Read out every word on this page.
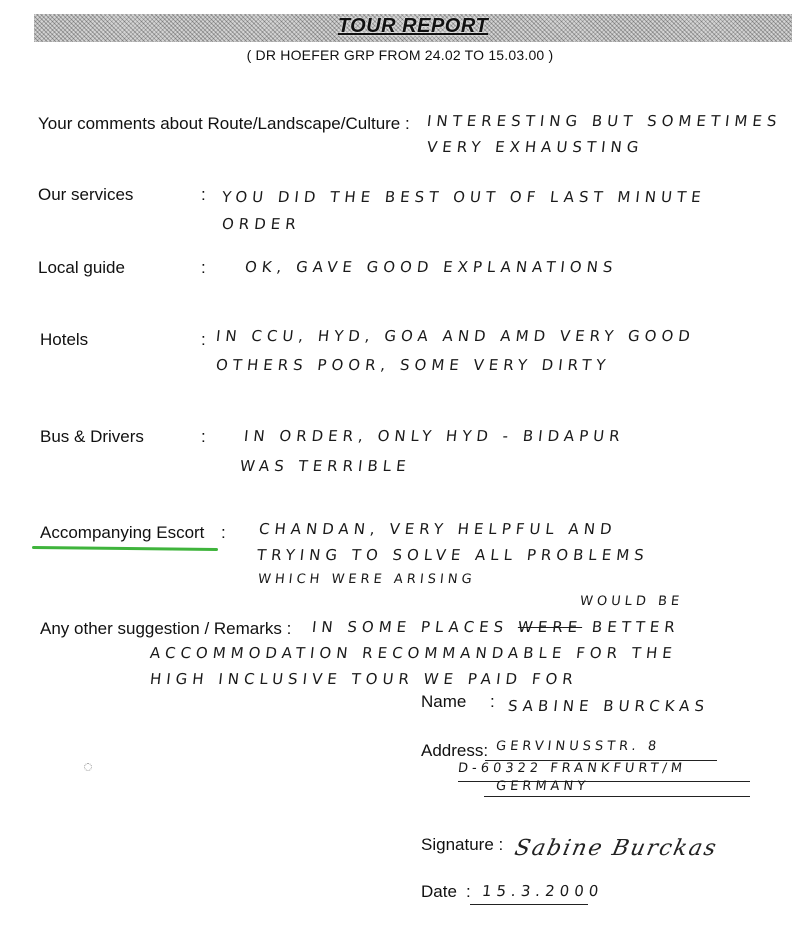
TOUR REPORT
( DR HOEFER GRP FROM 24.02 TO 15.03.00 )
Your comments about Route/Landscape/Culture : INTERESTING BUT SOMETIMES
VERY EXHAUSTING
Our services	: YOU DID THE BEST OUT OF LAST MINUTE
ORDER
Local guide	:	OK, GAVE GOOD EXPLANATIONS
Hotels	: IN CCU, HYD, GOA AND AMD VERY GOOD
OTHERS POOR, SOME VERY DIRTY
Bus & Drivers	: IN ORDER, ONLY HYD - BIDAPUR
WAS TERRIBLE
Accompanying Escort : CHANDAN, VERY HELPFUL AND
TRYING TO SOLVE ALL PROBLEMS
WHICH WERE ARISING
WOULD BE
Any other suggestion / Remarks : IN SOME PLACES WERE BETTER
ACCOMMODATION RECOMMANDABLE FOR THE
HIGH INCLUSIVE TOUR WE PAID FOR
Name : SABINE BURCKAS
Address: GERVINUSSTR. 8
D-60322 FRANKFURT/M
GERMANY
Signature : Sabine Burckas
Date : 15.3.2000
